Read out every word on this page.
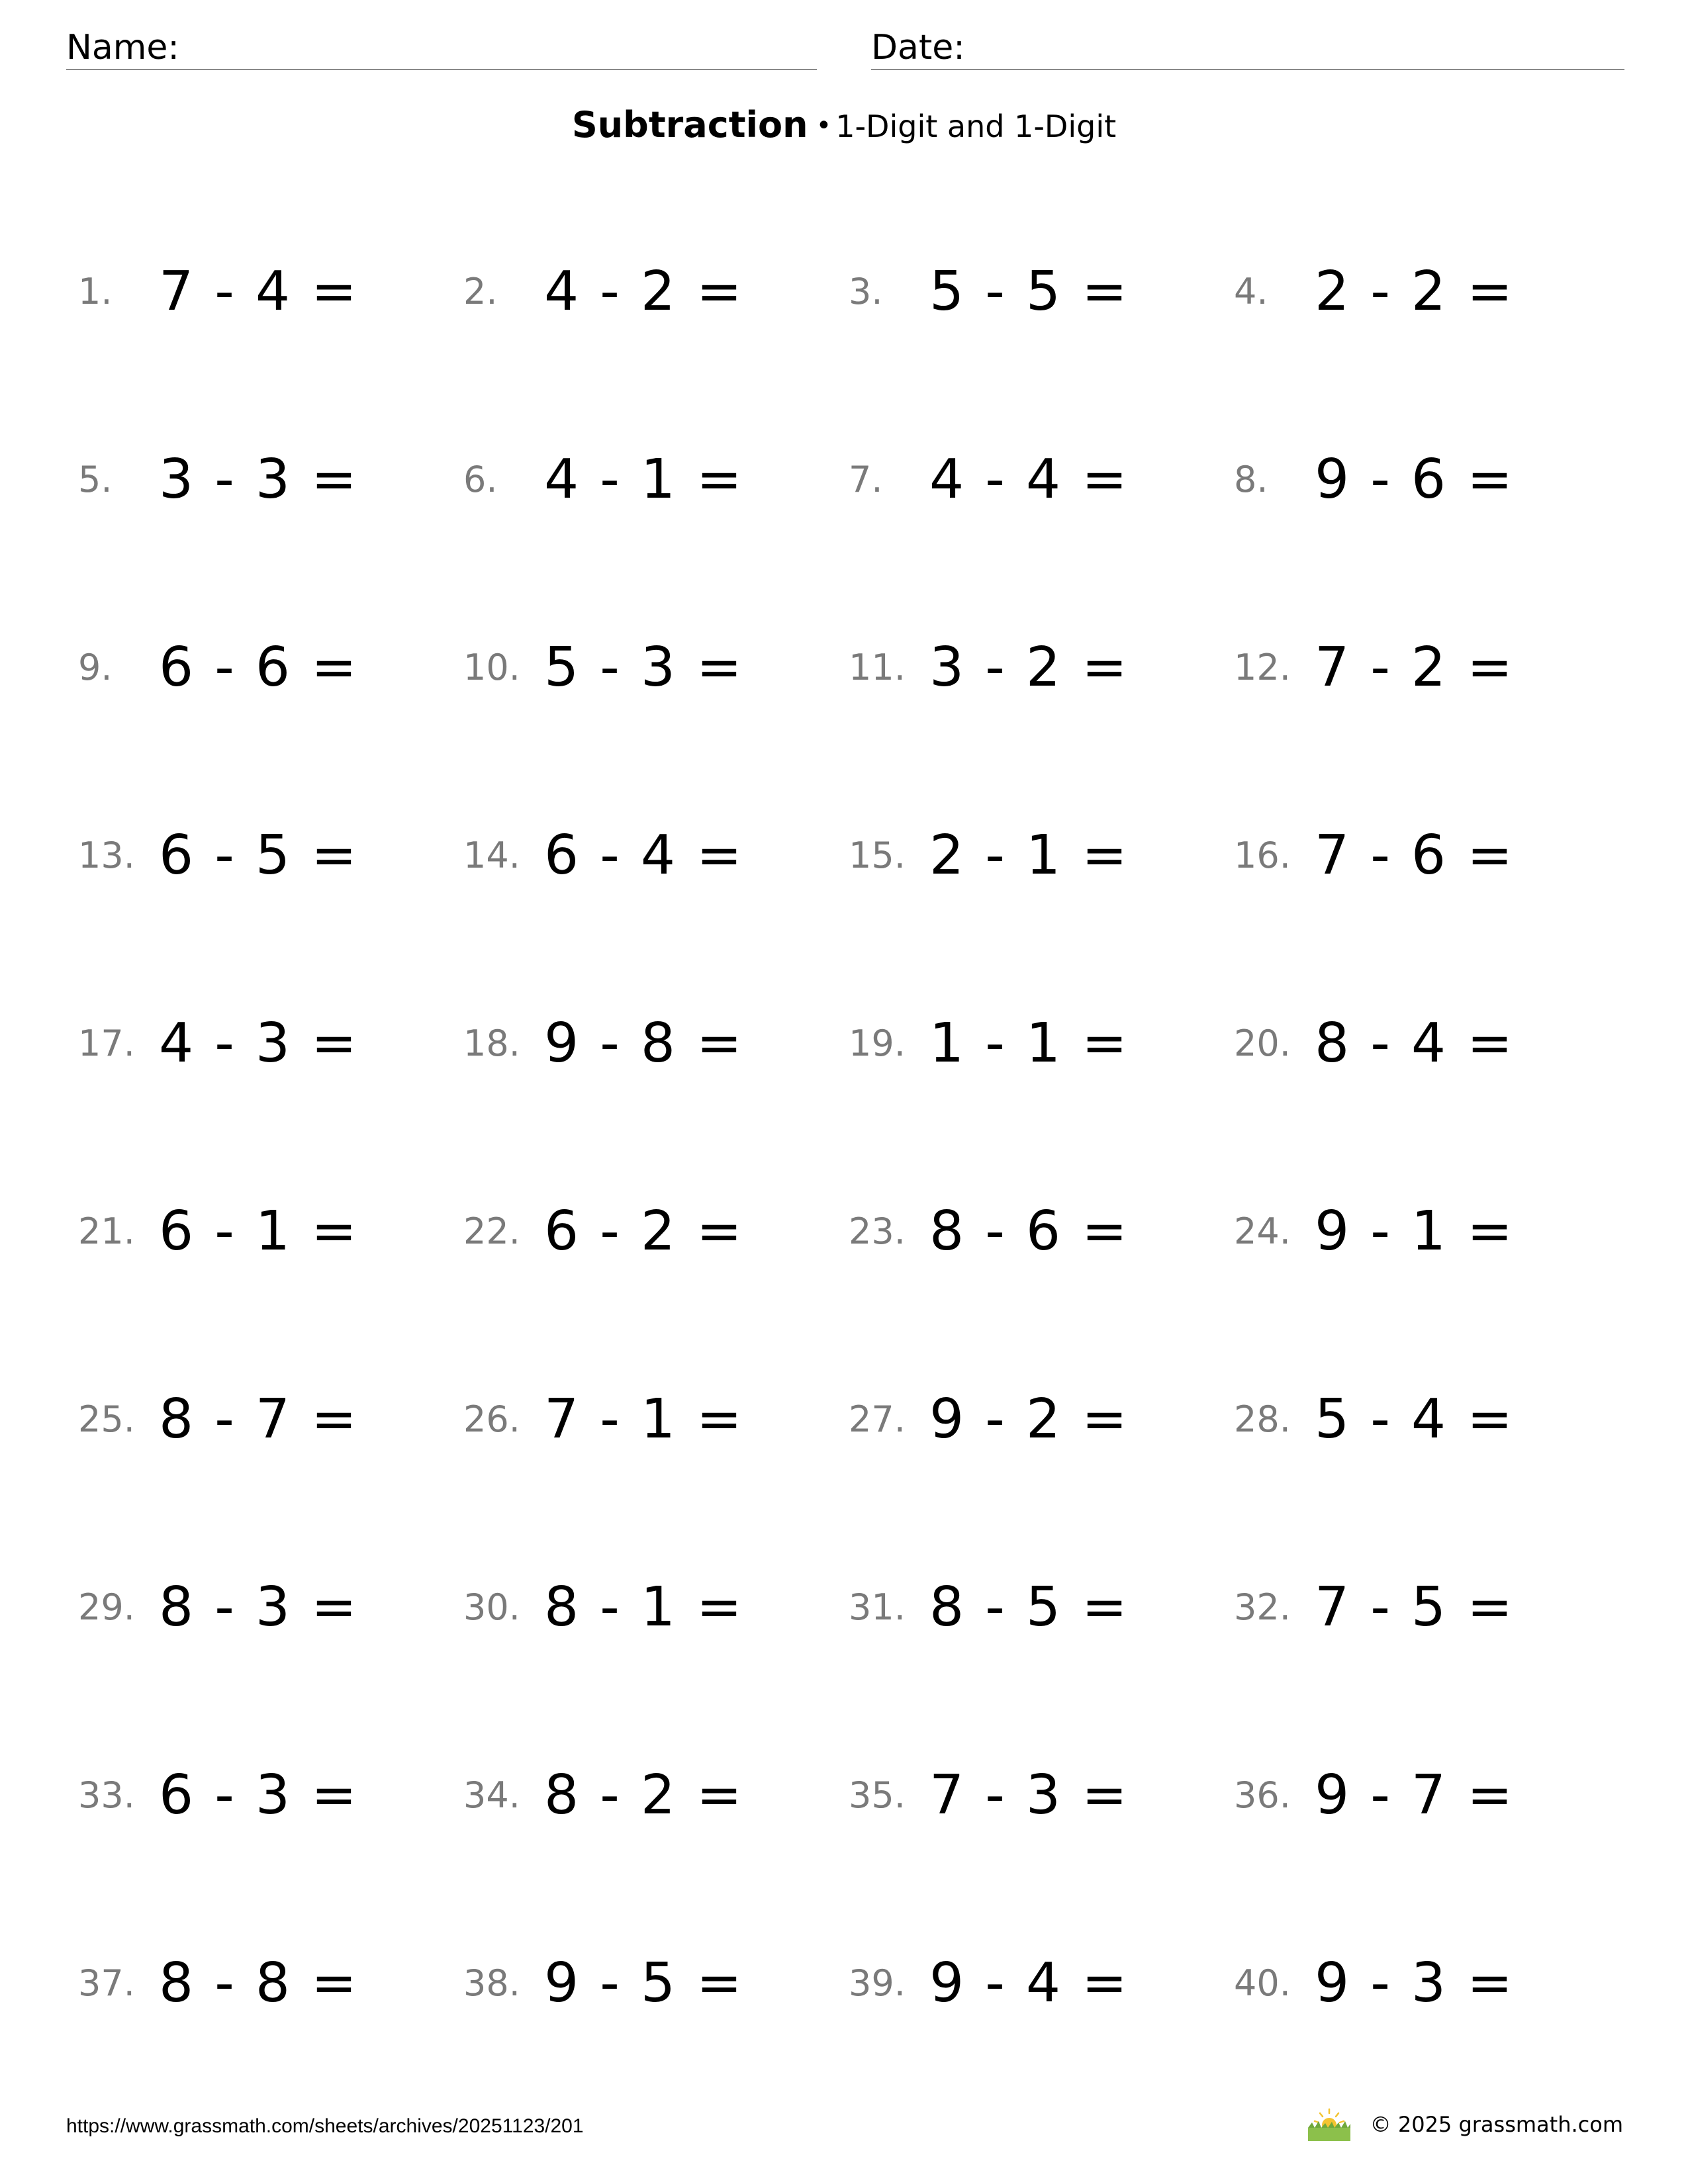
Name:	Date:
Subtraction • 1-Digit and 1-Digit
1. 7 - 4 =	2. 4 - 2 =	3. 5 - 5 =	4. 2 - 2 =
5. 3 - 3 =	6. 4 - 1 =	7. 4 - 4 =	8. 9 - 6 =
9. 6 - 6 =	10. 5 - 3 =	11. 3 - 2 =	12. 7 - 2 =
13. 6 - 5 =	14. 6 - 4 =	15. 2 - 1 =	16. 7 - 6 =
17. 4 - 3 =	18. 9 - 8 =	19. 1 - 1 =	20. 8 - 4 =
21. 6 - 1 =	22. 6 - 2 =	23. 8 - 6 =	24. 9 - 1 =
25. 8 - 7 =	26. 7 - 1 =	27. 9 - 2 =	28. 5 - 4 =
29. 8 - 3 =	30. 8 - 1 =	31. 8 - 5 =	32. 7 - 5 =
33. 6 - 3 =	34. 8 - 2 =	35. 7 - 3 =	36. 9 - 7 =
37. 8 - 8 =	38. 9 - 5 =	39. 9 - 4 =	40. 9 - 3 =
https://www.grassmath.com/sheets/archives/20251123/201	© 2025 grassmath.com
